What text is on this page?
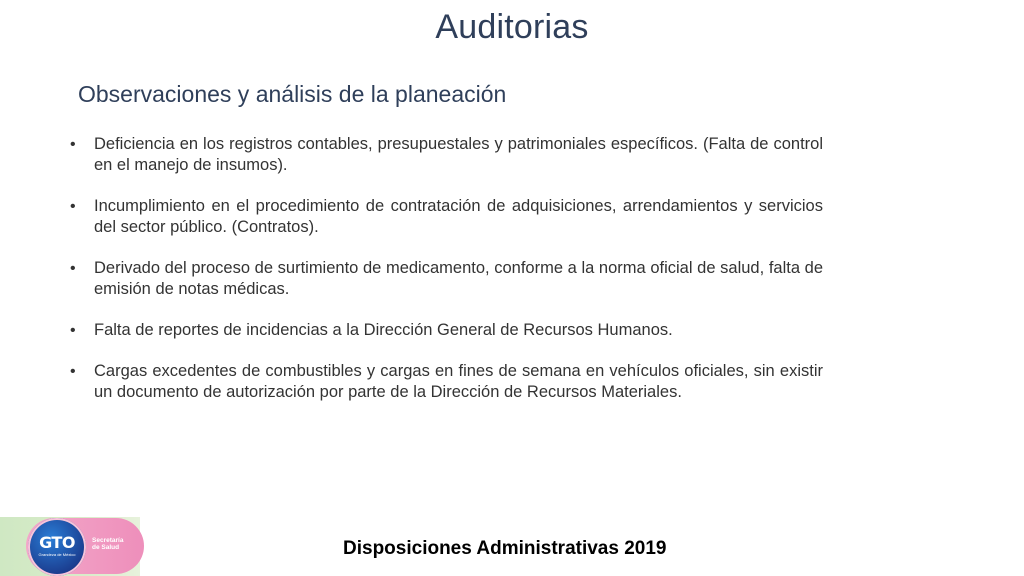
Auditorias
Observaciones y análisis de la planeación
• Deficiencia en los registros contables, presupuestales y patrimoniales específicos. (Falta de control en el manejo de insumos).
• Incumplimiento en el procedimiento de contratación de adquisiciones, arrendamientos y servicios del sector público. (Contratos).
• Derivado del proceso de surtimiento de medicamento, conforme a la norma oficial de salud, falta de emisión de notas médicas.
• Falta de reportes de incidencias a la Dirección General de Recursos Humanos.
• Cargas excedentes de combustibles y cargas en fines de semana en vehículos oficiales, sin existir un documento de autorización por parte de la Dirección de Recursos Materiales.
GTO
Grandeza de México
Secretaría
de Salud	Disposiciones Administrativas 2019
